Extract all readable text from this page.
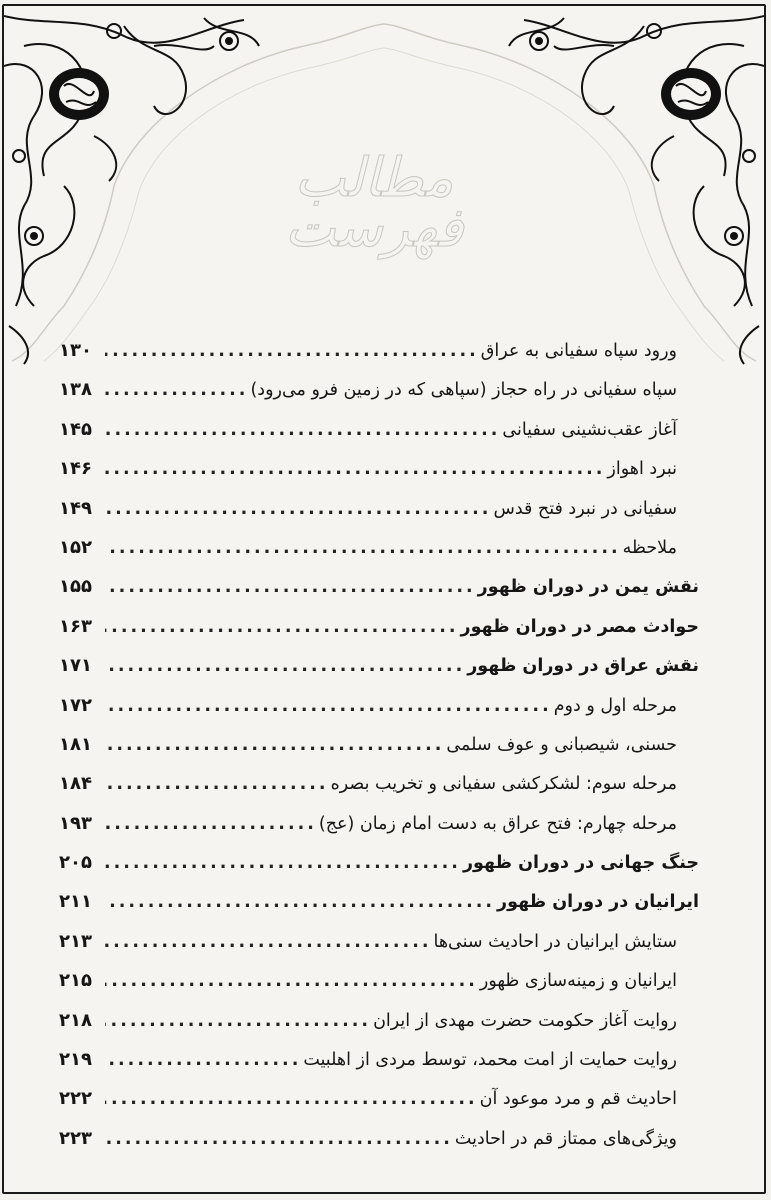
مطالب
فهرست
ورود سپاه سفیانی به عراق
.....
۱۳۰
سپاه سفیانی در راه حجاز (سپاهی که در زمین فرو می‌رود)
.....
۱۳۸
آغاز عقب‌نشینی سفیانی
.....
۱۴۵
نبرد اهواز
.....
۱۴۶
سفیانی در نبرد فتح قدس
.....
۱۴۹
ملاحظه
.....
۱۵۲
نقش یمن در دوران ظهور
.....
۱۵۵
حوادث مصر در دوران ظهور
.....
۱۶۳
نقش عراق در دوران ظهور
.....
۱۷۱
مرحله اول و دوم
.....
۱۷۲
حسنی، شیصبانی و عوف سلمی
.....
۱۸۱
مرحله سوم: لشکرکشی سفیانی و تخریب بصره
.....
۱۸۴
مرحله چهارم: فتح عراق به دست امام زمان (عج)
.....
۱۹۳
جنگ جهانی در دوران ظهور
.....
۲۰۵
ایرانیان در دوران ظهور
.....
۲۱۱
ستایش ایرانیان در احادیث سنی‌ها
.....
۲۱۳
ایرانیان و زمینه‌سازی ظهور
.....
۲۱۵
روایت آغاز حکومت حضرت مهدی از ایران
.....
۲۱۸
روایت حمایت از امت محمد، توسط مردی از اهلبیت
.....
۲۱۹
احادیث قم و مرد موعود آن
.....
۲۲۲
ویژگی‌های ممتاز قم در احادیث
.....
۲۲۳
